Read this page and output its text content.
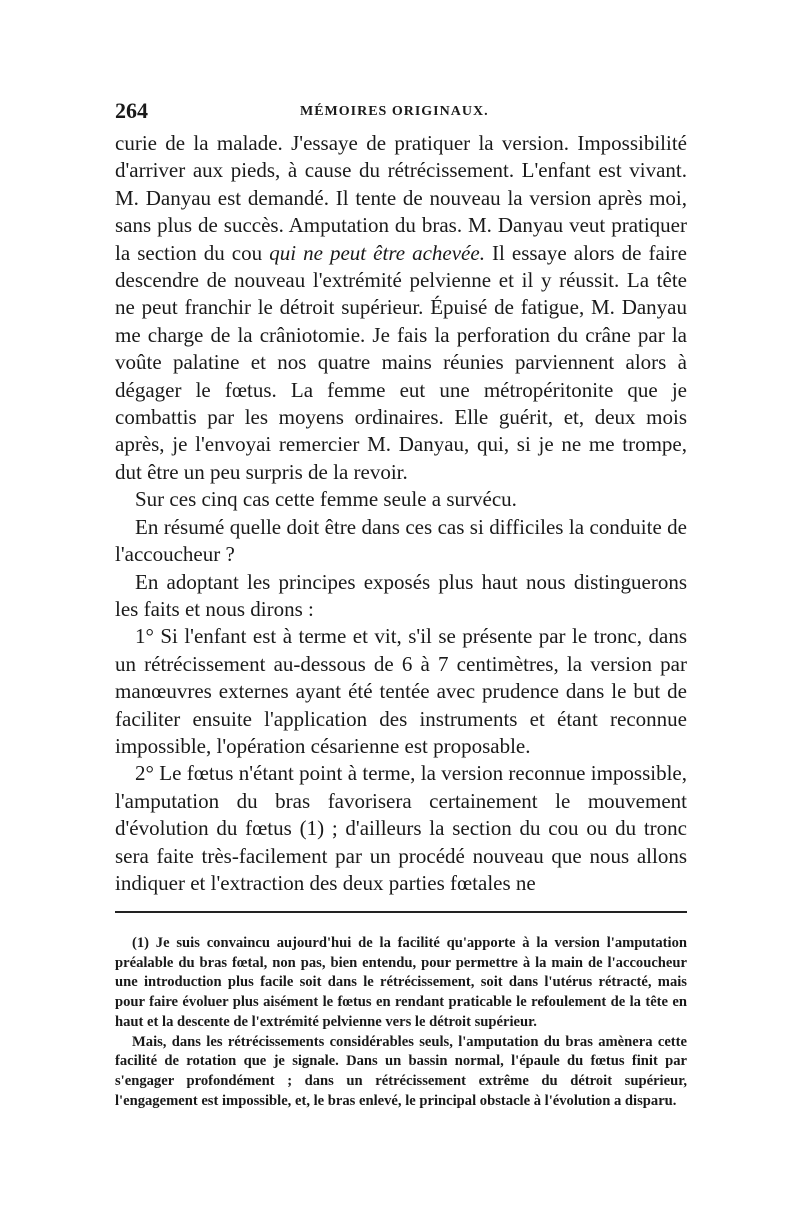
264	MÉMOIRES ORIGINAUX.

curie de la malade. J'essaye de pratiquer la version. Impossibilité d'arriver aux pieds, à cause du rétrécissement. L'enfant est vivant. M. Danyau est demandé. Il tente de nouveau la version après moi, sans plus de succès. Amputation du bras. M. Danyau veut pratiquer la section du cou qui ne peut être achevée. Il essaye alors de faire descendre de nouveau l'extrémité pelvienne et il y réussit. La tête ne peut franchir le détroit supérieur. Épuisé de fatigue, M. Danyau me charge de la crâniotomie. Je fais la perforation du crâne par la voûte palatine et nos quatre mains réunies parviennent alors à dégager le fœtus. La femme eut une métropéritonite que je combattis par les moyens ordinaires. Elle guérit, et, deux mois après, je l'envoyai remercier M. Danyau, qui, si je ne me trompe, dut être un peu surpris de la revoir.

Sur ces cinq cas cette femme seule a survécu.

En résumé quelle doit être dans ces cas si difficiles la conduite de l'accoucheur ?

En adoptant les principes exposés plus haut nous distinguerons les faits et nous dirons :

1° Si l'enfant est à terme et vit, s'il se présente par le tronc, dans un rétrécissement au-dessous de 6 à 7 centimètres, la version par manœuvres externes ayant été tentée avec prudence dans le but de faciliter ensuite l'application des instruments et étant reconnue impossible, l'opération césarienne est proposable.

2° Le fœtus n'étant point à terme, la version reconnue impossible, l'amputation du bras favorisera certainement le mouvement d'évolution du fœtus (1) ; d'ailleurs la section du cou ou du tronc sera faite très-facilement par un procédé nouveau que nous allons indiquer et l'extraction des deux parties fœtales ne

(1) Je suis convaincu aujourd'hui de la facilité qu'apporte à la version l'amputation préalable du bras fœtal, non pas, bien entendu, pour permettre à la main de l'accoucheur une introduction plus facile soit dans le rétrécissement, soit dans l'utérus rétracté, mais pour faire évoluer plus aisément le fœtus en rendant praticable le refoulement de la tête en haut et la descente de l'extrémité pelvienne vers le détroit supérieur.

Mais, dans les rétrécissements considérables seuls, l'amputation du bras amènera cette facilité de rotation que je signale. Dans un bassin normal, l'épaule du fœtus finit par s'engager profondément ; dans un rétrécissement extrême du détroit supérieur, l'engagement est impossible, et, le bras enlevé, le principal obstacle à l'évolution a disparu.
